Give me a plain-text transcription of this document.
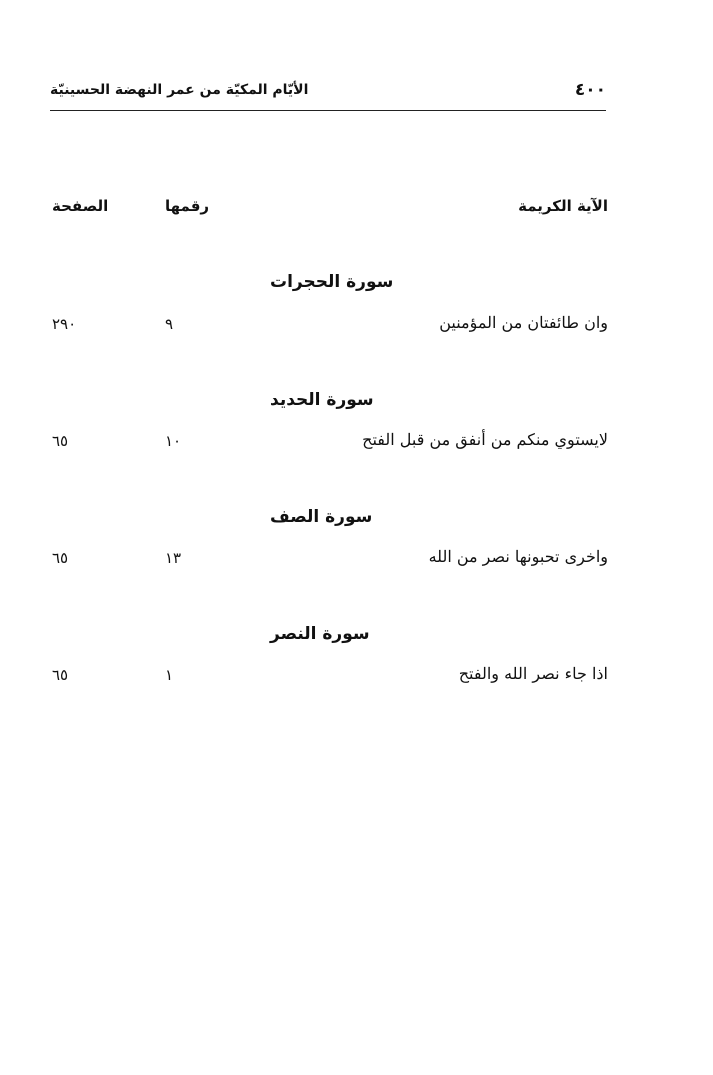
٤٠٠
الأيّام المكيّة من عمر النهضة الحسينيّة
الآية الكريمة
رقمها
الصفحة
سورة الحجرات
وان طائفتان من المؤمنين
٩
٢٩٠
سورة الحديد
لايستوي منكم من أنفق من قبل الفتح
١٠
٦٥
سورة الصف
واخرى تحبونها نصر من الله
١٣
٦٥
سورة النصر
اذا جاء نصر الله والفتح
١
٦٥
